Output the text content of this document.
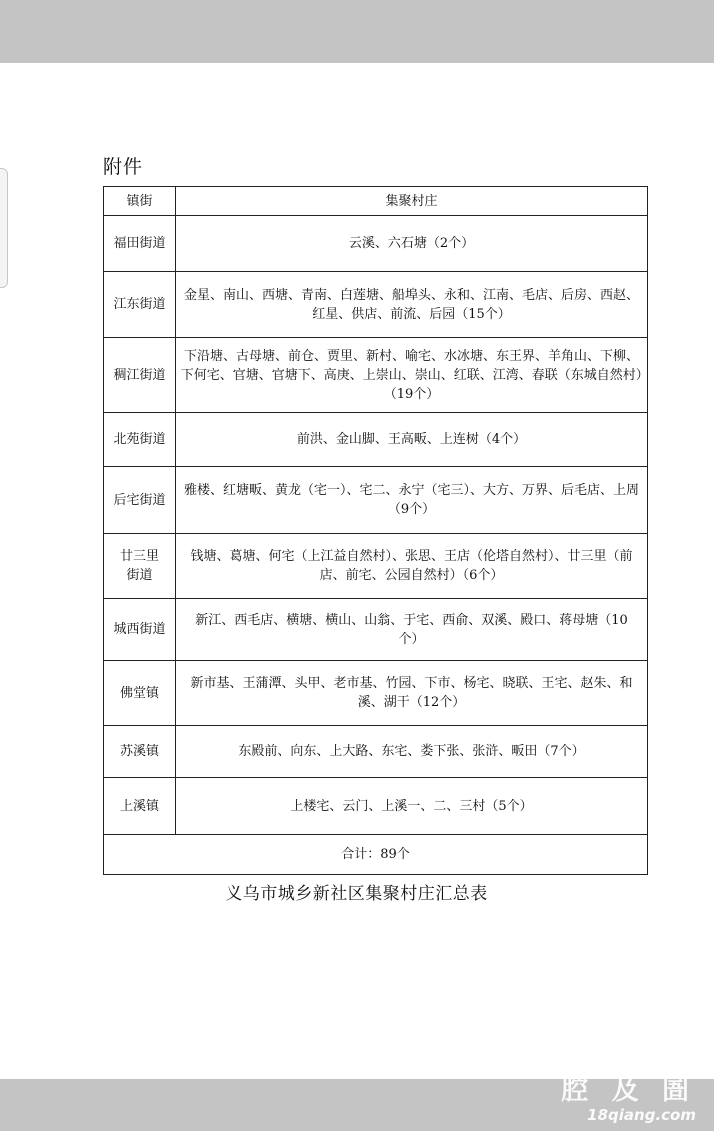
附件
镇街	集聚村庄
福田街道	云溪、六石塘（2个）
江东街道	金星、南山、西塘、青南、白莲塘、船埠头、永和、江南、毛店、后房、西赵、红星、供店、前流、后园（15个）
稠江街道	下沿塘、古母塘、前仓、贾里、新村、喻宅、水冰塘、东王界、羊角山、下柳、下何宅、官塘、官塘下、高庚、上崇山、崇山、红联、江湾、春联（东城自然村）（19个）
北苑街道	前洪、金山脚、王高畈、上连树（4个）
后宅街道	雅楼、红塘畈、黄龙（宅一）、宅二、永宁（宅三）、大方、万界、后毛店、上周（9个）
廿三里街道	钱塘、葛塘、何宅（上江益自然村）、张思、王店（伦塔自然村）、廿三里（前店、前宅、公园自然村）（6个）
城西街道	新江、西毛店、横塘、横山、山翁、于宅、西俞、双溪、殿口、蒋母塘（10个）
佛堂镇	新市基、王蒲潭、头甲、老市基、竹园、下市、杨宅、晓联、王宅、赵朱、和溪、湖干（12个）
苏溪镇	东殿前、向东、上大路、东宅、娄下张、张浒、畈田（7个）
上溪镇	上楼宅、云门、上溪一、二、三村（5个）
合计：89个	
义乌市城乡新社区集聚村庄汇总表
腔 及 圄
18qiang.com
